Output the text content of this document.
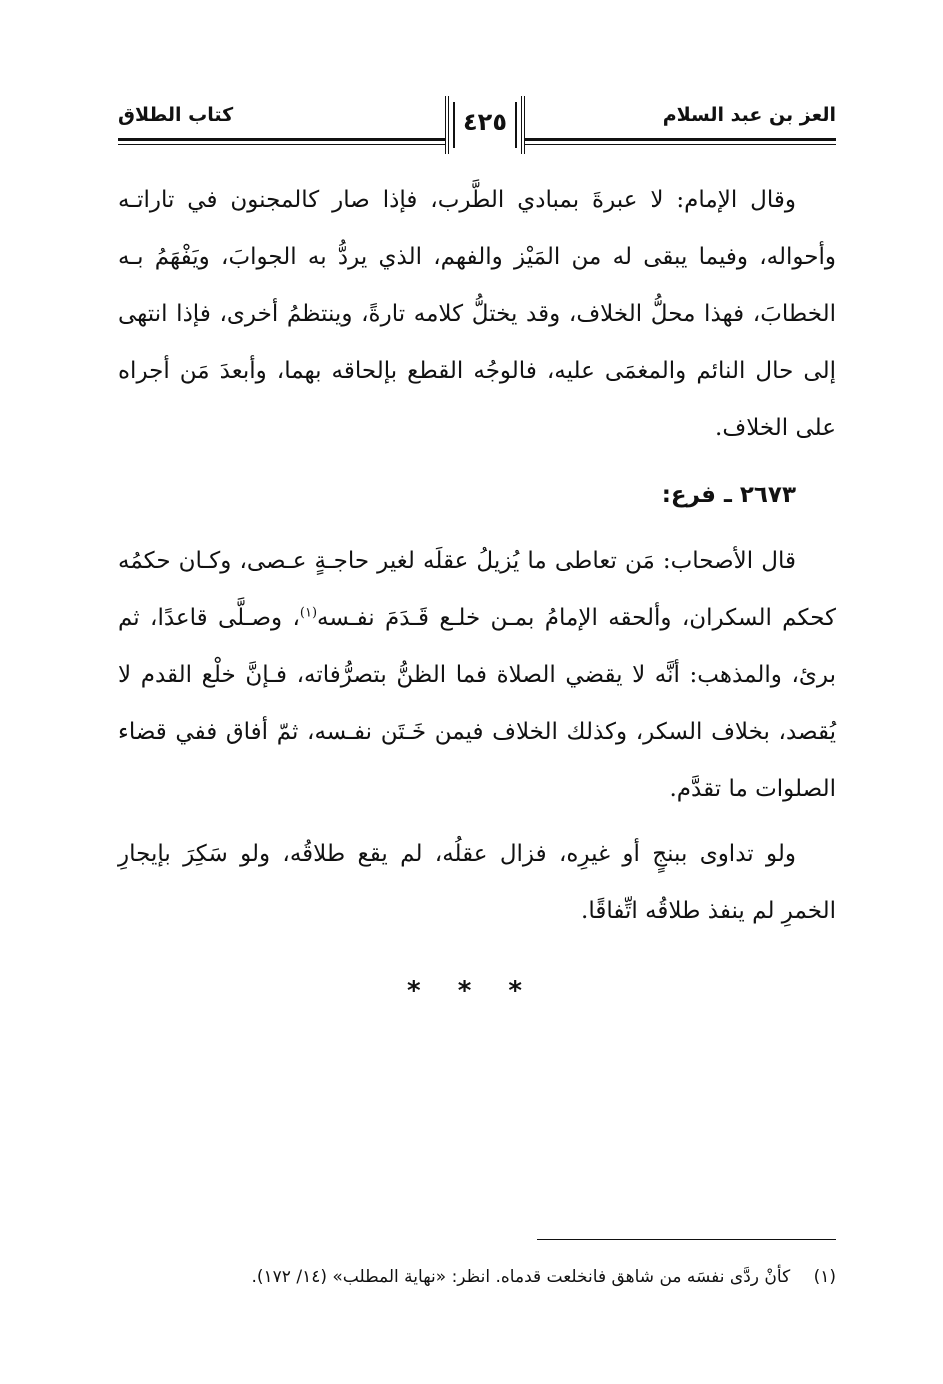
العز بن عبد السلام
كتاب الطلاق	٤٢٥

وقال الإمام: لا عبرةَ بمبادي الطَّرب، فإذا صار كالمجنون في تاراتـه وأحواله، وفيما يبقى له من المَيْز والفهم، الذي يردُّ به الجوابَ، ويَفْهَمُ بـه الخطابَ، فهذا محلُّ الخلاف، وقد يختلُّ كلامه تارةً، وينتظمُ أخرى، فإذا انتهى إلى حال النائم والمغمَى عليه، فالوجُه القطع بإلحاقه بهما، وأبعدَ مَن أجراه على الخلاف.

٢٦٧٣ ـ فرع:

قال الأصحاب: مَن تعاطى ما يُزيلُ عقلَه لغير حاجـةٍ عـصى، وكـان حكمُه كحكم السكران، وألحقه الإمامُ بمـن خلـع قَـدَمَ نفـسه$^{(١)}$، وصـلَّى قاعدًا، ثم برئ، والمذهب: أنَّه لا يقضي الصلاة فما الظنُّ بتصرُّفاته، فـإنَّ خلْع القدم لا يُقصد، بخلاف السكر، وكذلك الخلاف فيمن خَـتَن نفـسه، ثمّ أفاق ففي قضاء الصلوات ما تقدَّم.

ولو تداوى ببنجٍ أو غيرِه، فزال عقلُه، لم يقع طلاقُه، ولو سَكِرَ بإيجارِ الخمرِ لم ينفذ طلاقُه اتِّفاقًا.

* * *
(١) كأنْ ردَّى نفسَه من شاهق فانخلعت قدماه. انظر: «نهاية المطلب» (١٤/ ١٧٢).
